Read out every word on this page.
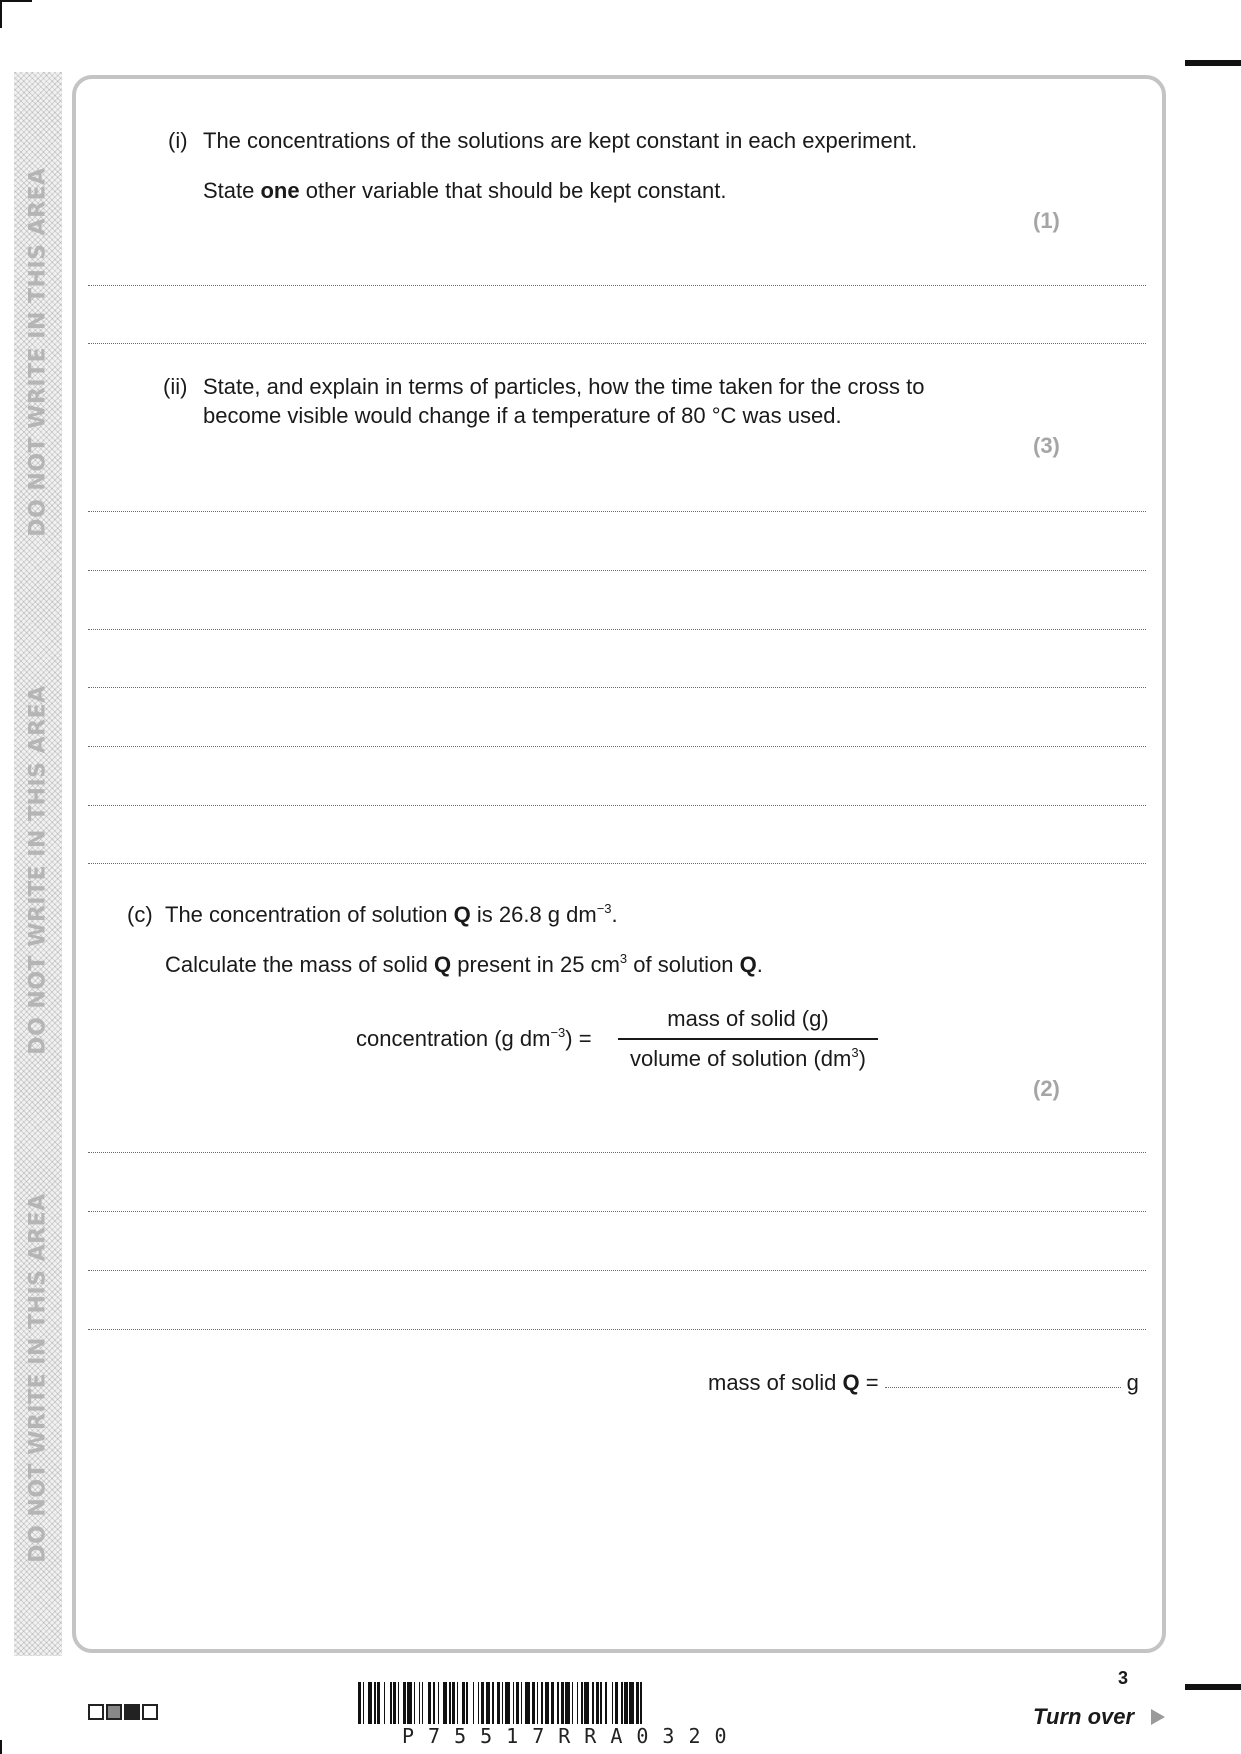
DO NOT WRITE IN THIS AREA
DO NOT WRITE IN THIS AREA
DO NOT WRITE IN THIS AREA
(i) The concentrations of the solutions are kept constant in each experiment.
State one other variable that should be kept constant.
(1)
(ii) State, and explain in terms of particles, how the time taken for the cross to
become visible would change if a temperature of 80 °C was used.
(3)
(c) The concentration of solution Q is 26.8 g $dm^{-3}$.
Calculate the mass of solid Q present in 25 $cm^3$ of solution Q.
concentration (g $dm^{-3}$) =
mass of solid (g)
volume of solution $(dm^3)$
(2)
mass of solid Q =	g
P75517RRA0320
3
Turn over
